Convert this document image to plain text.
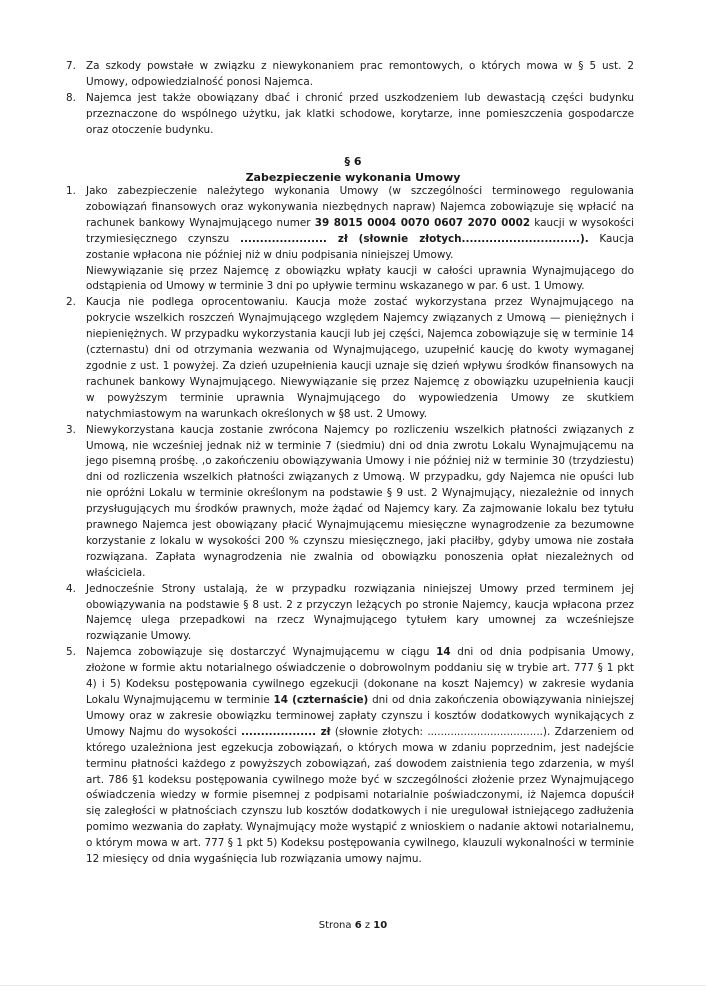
7. Za szkody powstałe w związku z niewykonaniem prac remontowych, o których mowa w § 5 ust. 2 Umowy, odpowiedzialność ponosi Najemca.

8. Najemca jest także obowiązany dbać i chronić przed uszkodzeniem lub dewastacją części budynku przeznaczone do wspólnego użytku, jak klatki schodowe, korytarze, inne pomieszczenia gospodarcze oraz otoczenie budynku.

§ 6
Zabezpieczenie wykonania Umowy
1. Jako zabezpieczenie należytego wykonania Umowy (w szczególności terminowego regulowania zobowiązań finansowych oraz wykonywania niezbędnych napraw) Najemca zobowiązuje się wpłacić na rachunek bankowy Wynajmującego numer 39 8015 0004 0070 0607 2070 0002 kaucji w wysokości trzymiesięcznego czynszu ...................... zł (słownie złotych..............................). Kaucja zostanie wpłacona nie później niż w dniu podpisania niniejszej Umowy.

Niewywiązanie się przez Najemcę z obowiązku wpłaty kaucji w całości uprawnia Wynajmującego do odstąpienia od Umowy w terminie 3 dni po upływie terminu wskazanego w par. 6 ust. 1 Umowy.

2. Kaucja nie podlega oprocentowaniu. Kaucja może zostać wykorzystana przez Wynajmującego na pokrycie wszelkich roszczeń Wynajmującego względem Najemcy związanych z Umową — pieniężnych i niepieniężnych. W przypadku wykorzystania kaucji lub jej części, Najemca zobowiązuje się w terminie 14 (czternastu) dni od otrzymania wezwania od Wynajmującego, uzupełnić kaucję do kwoty wymaganej zgodnie z ust. 1 powyżej. Za dzień uzupełnienia kaucji uznaje się dzień wpływu środków finansowych na rachunek bankowy Wynajmującego. Niewywiązanie się przez Najemcę z obowiązku uzupełnienia kaucji w powyższym terminie uprawnia Wynajmującego do wypowiedzenia Umowy ze skutkiem natychmiastowym na warunkach określonych w §8 ust. 2 Umowy.

3. Niewykorzystana kaucja zostanie zwrócona Najemcy po rozliczeniu wszelkich płatności związanych z Umową, nie wcześniej jednak niż w terminie 7 (siedmiu) dni od dnia zwrotu Lokalu Wynajmującemu na jego pisemną prośbę. ,o zakończeniu obowiązywania Umowy i nie później niż w terminie 30 (trzydziestu) dni od rozliczenia wszelkich płatności związanych z Umową. W przypadku, gdy Najemca nie opuści lub nie opróżni Lokalu w terminie określonym na podstawie § 9 ust. 2 Wynajmujący, niezależnie od innych przysługujących mu środków prawnych, może żądać od Najemcy kary. Za zajmowanie lokalu bez tytułu prawnego Najemca jest obowiązany płacić Wynajmującemu miesięczne wynagrodzenie za bezumowne korzystanie z lokalu w wysokości 200 % czynszu miesięcznego, jaki płaciłby, gdyby umowa nie została rozwiązana. Zapłata wynagrodzenia nie zwalnia od obowiązku ponoszenia opłat niezależnych od właściciela.

4. Jednocześnie Strony ustalają, że w przypadku rozwiązania niniejszej Umowy przed terminem jej obowiązywania na podstawie § 8 ust. 2 z przyczyn leżących po stronie Najemcy, kaucja wpłacona przez Najemcę ulega przepadkowi na rzecz Wynajmującego tytułem kary umownej za wcześniejsze rozwiązanie Umowy.

5. Najemca zobowiązuje się dostarczyć Wynajmującemu w ciągu 14 dni od dnia podpisania Umowy, złożone w formie aktu notarialnego oświadczenie o dobrowolnym poddaniu się w trybie art. 777 § 1 pkt 4) i 5) Kodeksu postępowania cywilnego egzekucji (dokonane na koszt Najemcy) w zakresie wydania Lokalu Wynajmującemu w terminie 14 (czternaście) dni od dnia zakończenia obowiązywania niniejszej Umowy oraz w zakresie obowiązku terminowej zapłaty czynszu i kosztów dodatkowych wynikających z Umowy Najmu do wysokości ................... zł (słownie złotych: ...................................). Zdarzeniem od którego uzależniona jest egzekucja zobowiązań, o których mowa w zdaniu poprzednim, jest nadejście terminu płatności każdego z powyższych zobowiązań, zaś dowodem zaistnienia tego zdarzenia, w myśl art. 786 §1 kodeksu postępowania cywilnego może być w szczególności złożenie przez Wynajmującego oświadczenia wiedzy w formie pisemnej z podpisami notarialnie poświadczonymi, iż Najemca dopuścił się zaległości w płatnościach czynszu lub kosztów dodatkowych i nie uregulował istniejącego zadłużenia pomimo wezwania do zapłaty. Wynajmujący może wystąpić z wnioskiem o nadanie aktowi notarialnemu, o którym mowa w art. 777 § 1 pkt 5) Kodeksu postępowania cywilnego, klauzuli wykonalności w terminie 12 miesięcy od dnia wygaśnięcia lub rozwiązania umowy najmu.

Strona 6 z 10
